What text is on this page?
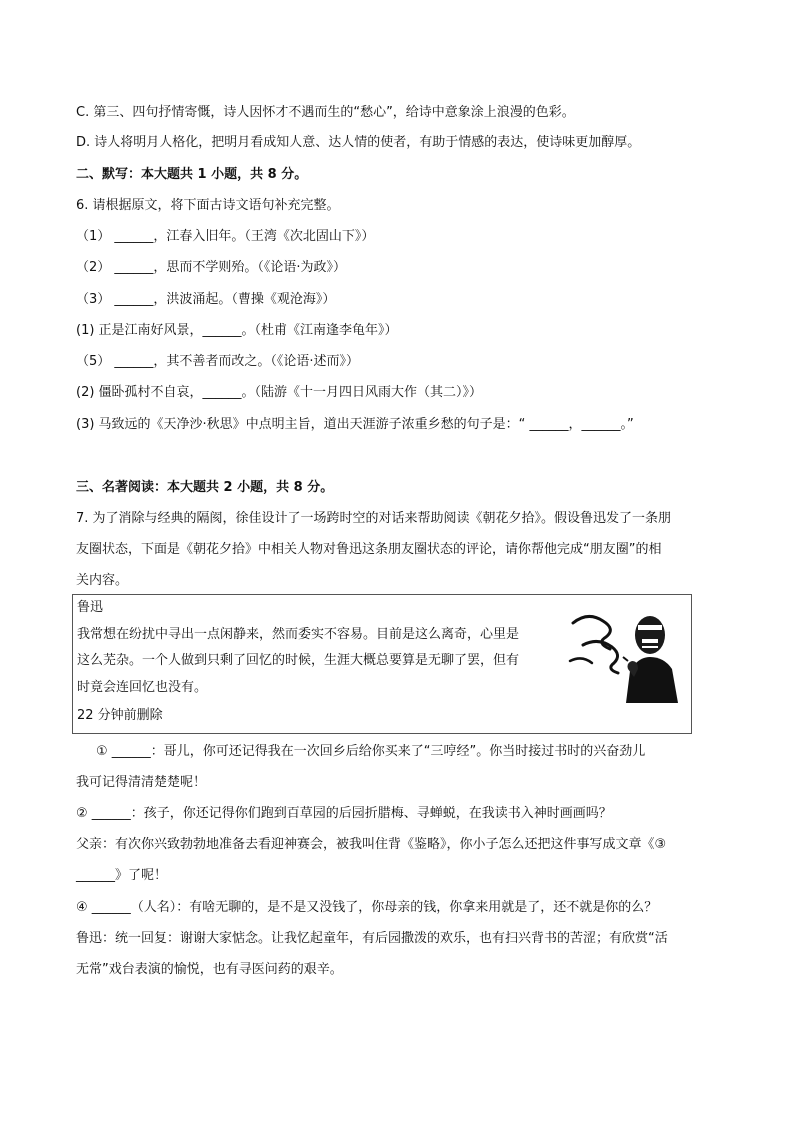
C. 第三、四句抒情寄慨，诗人因怀才不遇而生的“愁心”，给诗中意象涂上浪漫的色彩。
D. 诗人将明月人格化，把明月看成知人意、达人情的使者，有助于情感的表达，使诗味更加醇厚。
二、默写：本大题共 1 小题，共 8 分。
6. 请根据原文，将下面古诗文语句补充完整。
（1） ______，江春入旧年。（王湾《次北固山下》）
（2） ______，思而不学则殆。（《论语·为政》）
（3） ______，洪波涌起。（曹操《观沧海》）
(1) 正是江南好风景，______。（杜甫《江南逢李龟年》）
（5） ______，其不善者而改之。（《论语·述而》）
(2) 僵卧孤村不自哀，______。（陆游《十一月四日风雨大作（其二）》）
(3) 马致远的《天净沙·秋思》中点明主旨，道出天涯游子浓重乡愁的句子是：“ ______，______。”
三、名著阅读：本大题共 2 小题，共 8 分。
7. 为了消除与经典的隔阂，徐佳设计了一场跨时空的对话来帮助阅读《朝花夕拾》。假设鲁迅发了一条朋
友圈状态，下面是《朝花夕拾》中相关人物对鲁迅这条朋友圈状态的评论，请你帮他完成“朋友圈”的相
关内容。
鲁迅
我常想在纷扰中寻出一点闲静来，然而委实不容易。目前是这么离奇，心里是
这么芜杂。一个人做到只剩了回忆的时候，生涯大概总要算是无聊了罢，但有
时竟会连回忆也没有。
22 分钟前删除
① ______：哥儿，你可还记得我在一次回乡后给你买来了“三哼经”。你当时接过书时的兴奋劲儿
我可记得清清楚楚呢！
② ______：孩子，你还记得你们跑到百草园的后园折腊梅、寻蝉蜕，在我读书入神时画画吗？
父亲：有次你兴致勃勃地准备去看迎神赛会，被我叫住背《鉴略》，你小子怎么还把这件事写成文章《③
______》了呢！
④ ______（人名）：有啥无聊的，是不是又没钱了，你母亲的钱，你拿来用就是了，还不就是你的么？
鲁迅：统一回复：谢谢大家惦念。让我忆起童年，有后园撒泼的欢乐，也有扫兴背书的苦涩；有欣赏“活
无常”戏台表演的愉悦，也有寻医问药的艰辛。
